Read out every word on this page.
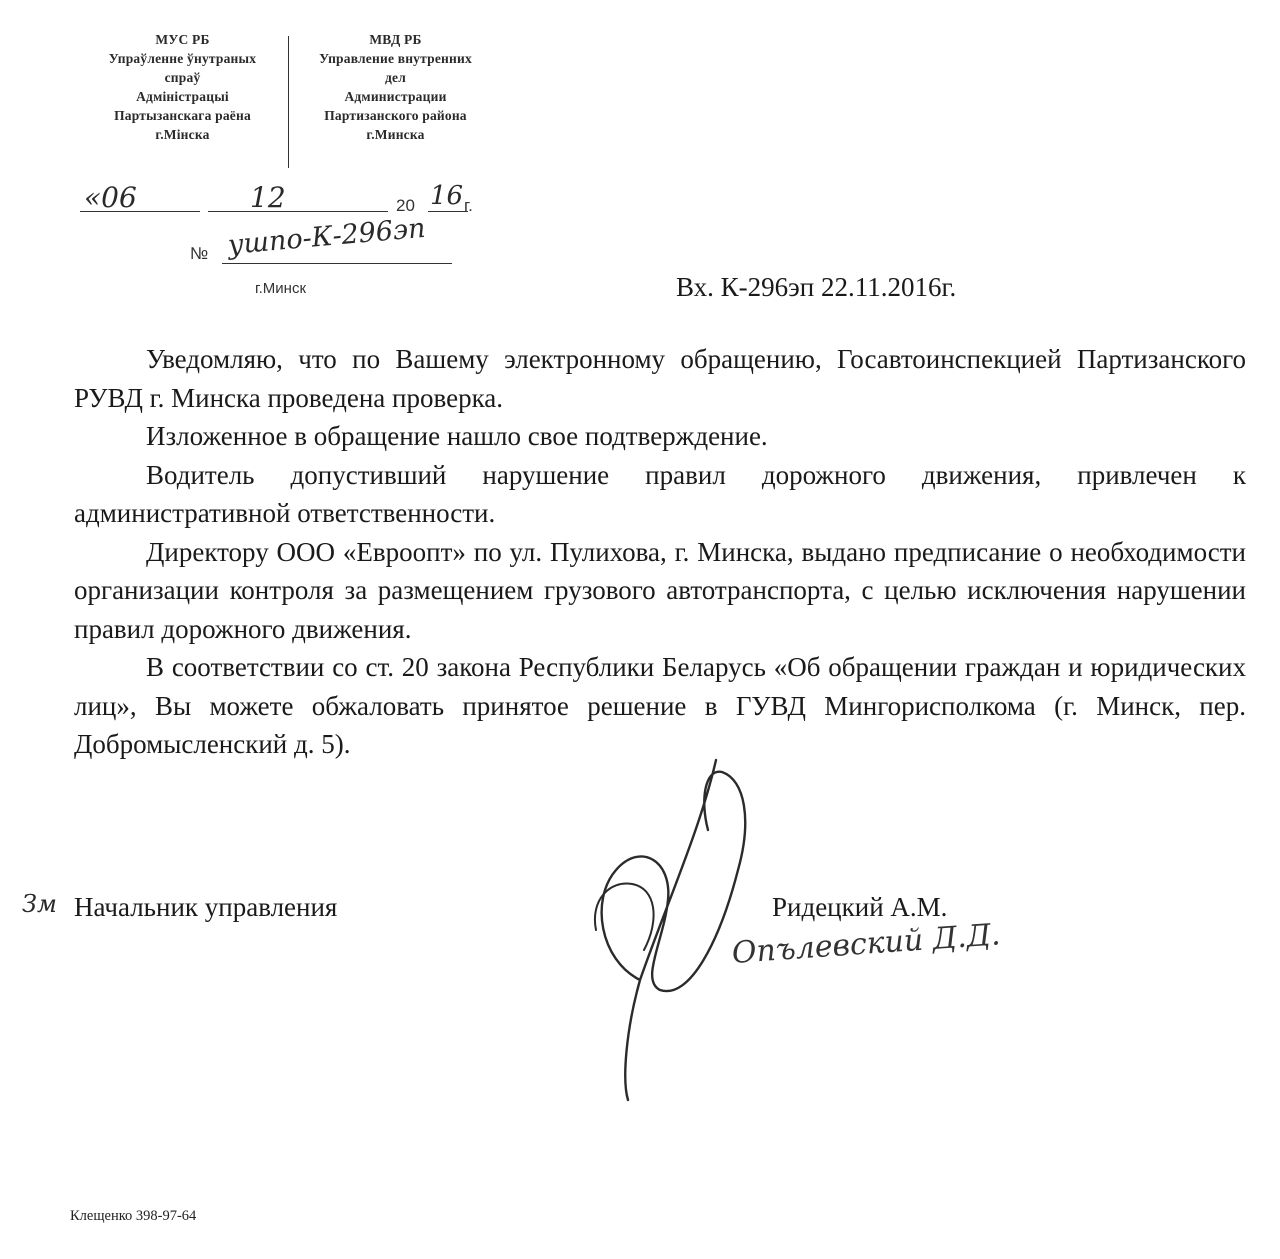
МУС РБ
Упраўленне ўнутраных
спраў
Адміністрацыі
Партызанскага раёна
г.Мінска
МВД РБ
Управление внутренних
дел
Администрации
Партизанского района
г.Минска
«06	12	20 16 г.
№ ушпо-К-296эп
г.Минск	Вх. К-296эп 22.11.2016г.

Уведомляю, что по Вашему электронному обращению, Госавтоинспекцией Партизанского РУВД г. Минска проведена проверка.

Изложенное в обращение нашло свое подтверждение.

Водитель допустивший нарушение правил дорожного движения, привлечен к административной ответственности.

Директору ООО «Евроопт» по ул. Пулихова, г. Минска, выдано предписание о необходимости организации контроля за размещением грузового автотранспорта, с целью исключения нарушении правил дорожного движения.

В соответствии со ст. 20 закона Республики Беларусь «Об обращении граждан и юридических лиц», Вы можете обжаловать принятое решение в ГУВД Мингорисполкома (г. Минск, пер. Добромысленский д. 5).

Зм Начальник управления	Ридецкий А.М.
Опълевский Д.Д.
Клещенко 398-97-64
